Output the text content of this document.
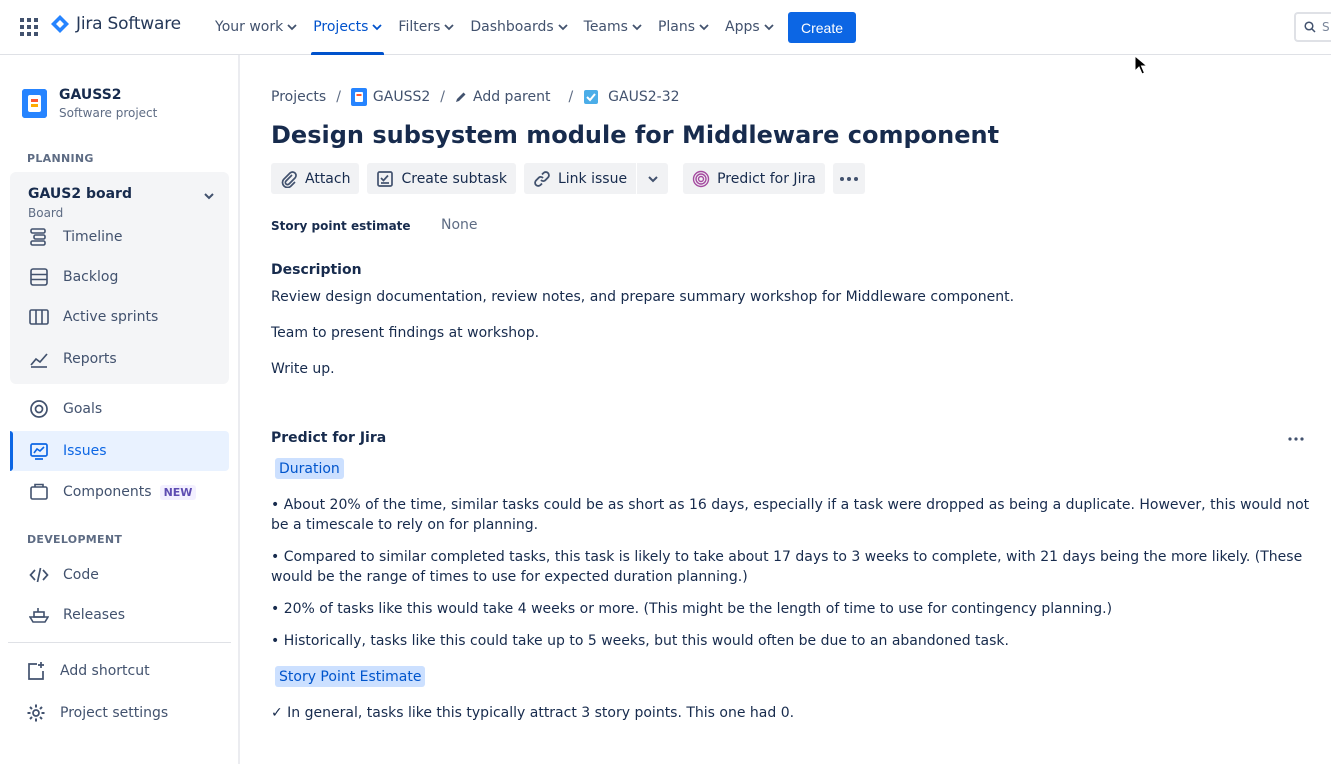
Jira Software Your work Projects Filters Dashboards Teams Plans Apps	Create	S
GAUSS2
Software project
PLANNING
GAUS2 board
Board
Timeline
Backlog
Active sprints
Reports
Goals
Issues
Components	NEW
DEVELOPMENT
Code
Releases
Add shortcut
Project settings
Projects / GAUSS2 / Add parent /	GAUS2-32
Design subsystem module for Middleware component
Attach	Create subtask	Link issue	Predict for Jira
Story point estimate	None
Description
Review design documentation, review notes, and prepare summary workshop for Middleware component.
Team to present findings at workshop.
Write up.
Predict for Jira
Duration
• About 20% of the time, similar tasks could be as short as 16 days, especially if a task were dropped as being a duplicate. However, this would not be a timescale to rely on for planning.
• Compared to similar completed tasks, this task is likely to take about 17 days to 3 weeks to complete, with 21 days being the more likely. (These would be the range of times to use for expected duration planning.)
• 20% of tasks like this would take 4 weeks or more. (This might be the length of time to use for contingency planning.)
• Historically, tasks like this could take up to 5 weeks, but this would often be due to an abandoned task.
Story Point Estimate
✓ In general, tasks like this typically attract 3 story points. This one had 0.
